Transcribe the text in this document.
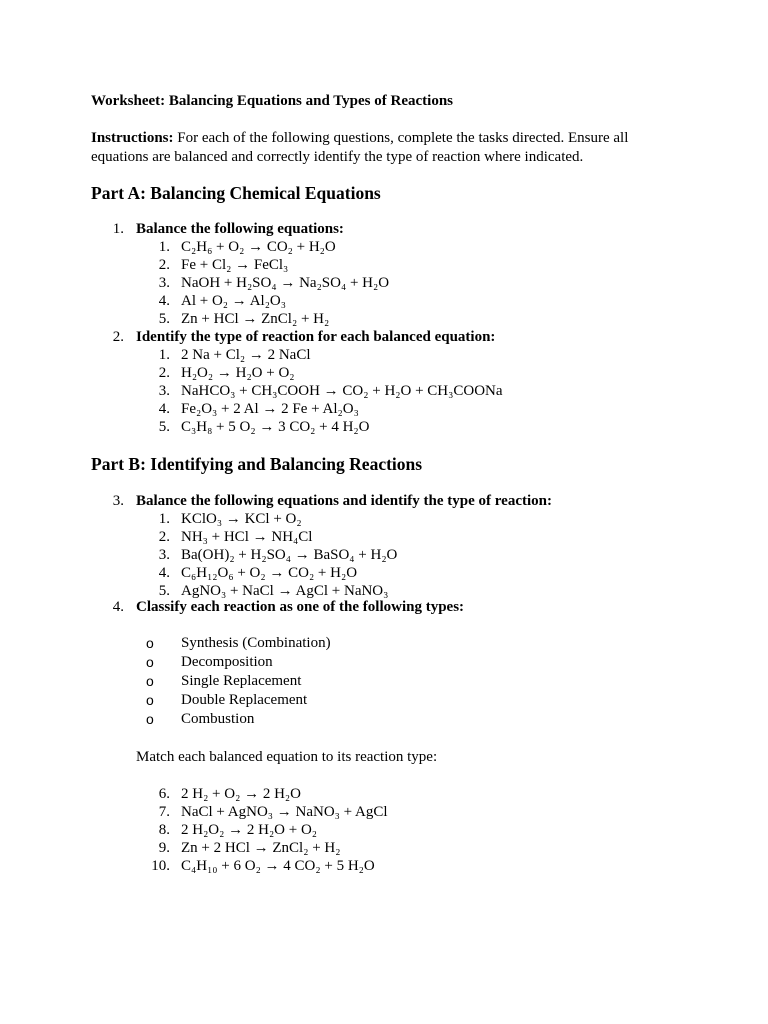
Worksheet: Balancing Equations and Types of Reactions
Instructions: For each of the following questions, complete the tasks directed. Ensure all equations are balanced and correctly identify the type of reaction where indicated.
Part A: Balancing Chemical Equations
1. Balance the following equations:
1. C₂H₆ + O₂ → CO₂ + H₂O
2. Fe + Cl₂ → FeCl₃
3. NaOH + H₂SO₄ → Na₂SO₄ + H₂O
4. Al + O₂ → Al₂O₃
5. Zn + HCl → ZnCl₂ + H₂
2. Identify the type of reaction for each balanced equation:
1. 2 Na + Cl₂ → 2 NaCl
2. H₂O₂ → H₂O + O₂
3. NaHCO₃ + CH₃COOH → CO₂ + H₂O + CH₃COONa
4. Fe₂O₃ + 2 Al → 2 Fe + Al₂O₃
5. C₃H₈ + 5 O₂ → 3 CO₂ + 4 H₂O
Part B: Identifying and Balancing Reactions
3. Balance the following equations and identify the type of reaction:
1. KClO₃ → KCl + O₂
2. NH₃ + HCl → NH₄Cl
3. Ba(OH)₂ + H₂SO₄ → BaSO₄ + H₂O
4. C₆H₁₂O₆ + O₂ → CO₂ + H₂O
5. AgNO₃ + NaCl → AgCl + NaNO₃
4. Classify each reaction as one of the following types:
o	Synthesis (Combination)
o	Decomposition
o	Single Replacement
o	Double Replacement
o	Combustion
Match each balanced equation to its reaction type:
6. 2 H₂ + O₂ → 2 H₂O
7. NaCl + AgNO₃ → NaNO₃ + AgCl
8. 2 H₂O₂ → 2 H₂O + O₂
9. Zn + 2 HCl → ZnCl₂ + H₂
10. C₄H₁₀ + 6 O₂ → 4 CO₂ + 5 H₂O
